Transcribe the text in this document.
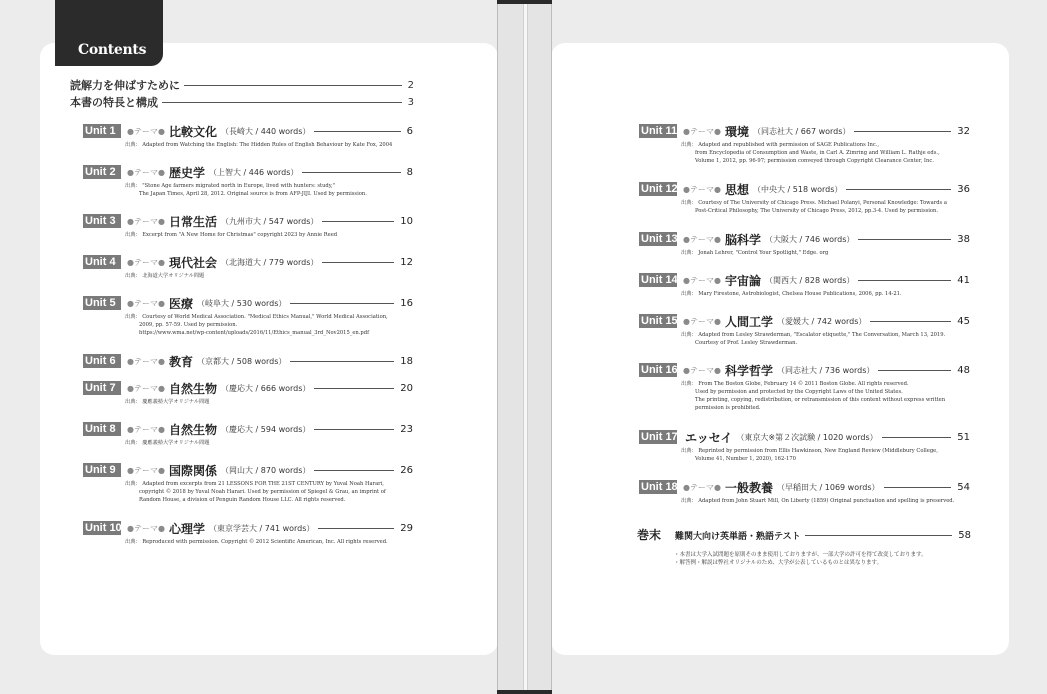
Contents
読解力を伸ばすために	2
本書の特長と構成	3
Unit 1	●テーマ● 比較文化 （長崎大 / 440 words）	6
出典： Adapted from Watching the English: The Hidden Rules of English Behaviour by Kate Fox, 2004
Unit 2	●テーマ● 歴史学 （上智大 / 446 words）	8
出典： "Stone Age farmers migrated north in Europe, lived with hunters: study,"
The Japan Times, April 28, 2012. Original source is from AFP-JIJI. Used by permission.
Unit 3	●テーマ● 日常生活 （九州市大 / 547 words）	10
出典： Excerpt from "A New Home for Christmas" copyright 2023 by Annie Reed
Unit 4	●テーマ● 現代社会 （北海道大 / 779 words）	12
出典： 北海道大学オリジナル問題
Unit 5	●テーマ● 医療 （岐阜大 / 530 words）	16
出典： Courtesy of World Medical Association. "Medical Ethics Manual," World Medical Association,
2009, pp. 57-59. Used by permission.
https://www.wma.net/wp-content/uploads/2016/11/Ethics_manual_3rd_Nov2015_en.pdf
Unit 6	●テーマ● 教育 （京都大 / 508 words）	18
Unit 7	●テーマ● 自然生物 （慶応大 / 666 words）	20
出典： 慶應義塾大学オリジナル問題
Unit 8	●テーマ● 自然生物 （慶応大 / 594 words）	23
出典： 慶應義塾大学オリジナル問題
Unit 9	●テーマ● 国際関係 （岡山大 / 870 words）	26
出典： Adapted from excerpts from 21 LESSONS FOR THE 21ST CENTURY by Yuval Noah Harari,
copyright © 2018 by Yuval Noah Harari. Used by permission of Spiegel & Grau, an imprint of
Random House, a division of Penguin Random House LLC. All rights reserved.
Unit 10 ●テーマ● 心理学 （東京学芸大 / 741 words）	29
出典： Reproduced with permission. Copyright © 2012 Scientific American, Inc. All rights reserved.
Unit 11 ●テーマ● 環境 （同志社大 / 667 words）	32
出典： Adapted and republished with permission of SAGE Publications Inc.,
from Encyclopedia of Consumption and Waste, in Carl A. Zimring and William L. Rathje eds.,
Volume 1, 2012, pp. 96-97; permission conveyed through Copyright Clearance Center, Inc.
Unit 12 ●テーマ● 思想 （中央大 / 518 words）	36
出典： Courtesy of The University of Chicago Press. Michael Polanyi, Personal Knowledge: Towards a
Post-Critical Philosophy, The University of Chicago Press, 2012, pp.3-4. Used by permission.
Unit 13 ●テーマ● 脳科学 （大阪大 / 746 words）	38
出典： Jonah Lehrer, "Control Your Spotlight," Edge. org
Unit 14 ●テーマ● 宇宙論 （関西大 / 828 words）	41
出典： Mary Firestone, Astrobiologist, Chelsea House Publications, 2006, pp. 14-21.
Unit 15 ●テーマ● 人間工学 （愛媛大 / 742 words）	45
出典： Adapted from Lesley Strawderman, "Escalator etiquette," The Conversation, March 13, 2019.
Courtesy of Prof. Lesley Strawderman.
Unit 16 ●テーマ● 科学哲学 （同志社大 / 736 words）	48
出典： From The Boston Globe, February 14 © 2011 Boston Globe. All rights reserved.
Used by permission and protected by the Copyright Laws of the United States.
The printing, copying, redistribution, or retransmission of this content without express written
permission is prohibited.
Unit 17 エッセイ （東京大※第２次試験 / 1020 words）	51
出典： Reprinted by permission from Ellis Hawkinson, New England Review (Middlebury College,
Volume 41, Number 1, 2020), 162-170
Unit 18 ●テーマ● 一般教養 （早稲田大 / 1069 words）	54
出典： Adapted from John Stuart Mill, On Liberty (1859) Original punctuation and spelling is preserved.
巻末	難関大向け英単語・熟語テスト	58
・本書は大学入試問題を原則そのまま使用しておりますが、一部大学の許可を得て改変しております。
・解答例・解説は弊社オリジナルのため、大学が公表しているものとは異なります。
